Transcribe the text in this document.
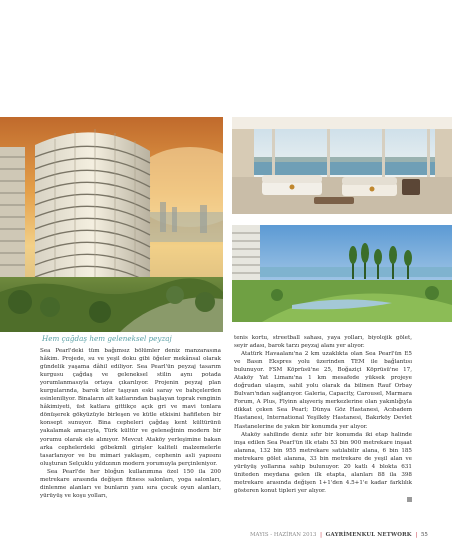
Hem çağdaş hem geleneksel peyzaj

Sea Pearl'deki tüm bağımsız bölümler deniz manzarasına hâkim. Projede, su ve yeşil doku gibi öğeler mekânsal olarak gündelik yaşama dâhil ediliyor. Sea Pearl'ün peyzaj tasarım kurgusu çağdaş ve geleneksel stilin aynı potada yorumlanmasıyla ortaya çıkarılıyor. Projenin peyzaj plan kurgularında, barok izler taşıyan eski saray ve bahçelerden esinleniliyor. Binaların alt katlarından başlayan toprak renginin hâkimiyeti, üst katlara gittikçe açık gri ve mavi tonlara dönüşerek gökyüzüyle birleşen ve kütle etkisini hafifleten bir konsept sunuyor. Bina cepheleri çağdaş kent kültürünü yakalamak amacıyla, Türk kültür ve geleneğinin modern bir yorumu olarak ele alınıyor. Mevcut Ataköy yerleşimine bakan arka cephelerdeki göbekmli girişler kaliteli malzemelerle tasarlanıyor ve bu mimari yaklaşım, cephenin asli yapısını oluşturan Selçuklu yıldızının modern yorumuyla perçinleniyor.

Sea Pearl'de her bloğun kullanımına özel 150 ila 200 metrekare arasında değişen fitness salonları, yoga salonları, dinlenme alanları ve bunların yanı sıra çocuk oyun alanları, yürüyüş ve koşu yolları,

tenis kortu, streetball sahası, yaya yolları, biyolojik gölet, seyir adası, barok tarzı peyzaj alanı yer alıyor.

Atatürk Havaalanı'na 2 km uzaklıkta olan Sea Pearl'ün E5 ve Basın Ekspres yolu üzerinden TEM ile bağlantısı bulunuyor. FSM Köprüsü'ne 25, Boğaziçi Köprüsü'ne 17, Ataköy Yat Limanı'na 1 km mesafede yüksek projeye doğrudan ulaşım, sahil yolu olarak da bilinen Rauf Orbay Bulvarı'ndan sağlanıyor. Galeria, Capacity, Carousel, Marmara Forum, A Plus, Flyinn alışveriş merkezlerine olan yakınlığıyla dikkat çeken Sea Pearl; Dünya Göz Hastanesi, Acıbadem Hastanesi, International Yeşilköy Hastanesi, Bakırköy Devlet Hastanelerine de yakın bir konumda yer alıyor.

Ataköy sahilinde deniz sıfır bir konumda iki etap halinde inşa edilen Sea Pearl'ün ilk etabı 53 bin 900 metrekare inşaat alanına, 132 bin 955 metrekare satılabilir alana, 6 bin 185 metrekare gölet alanına, 33 bin metrekare de yeşil alan ve yürüyüş yollarına sahip bulunuyor. 20 katlı 4 blokta 631 üniteden meydana gelen ilk etapta, alanları 88 ila 398 metrekare arasında değişen 1+1'den 4.5+1'e kadar farklılık gösteren konut tipleri yer alıyor.

MAYIS - HAZİRAN 2013 | GAYRİMENKUL NETWORK | 55
